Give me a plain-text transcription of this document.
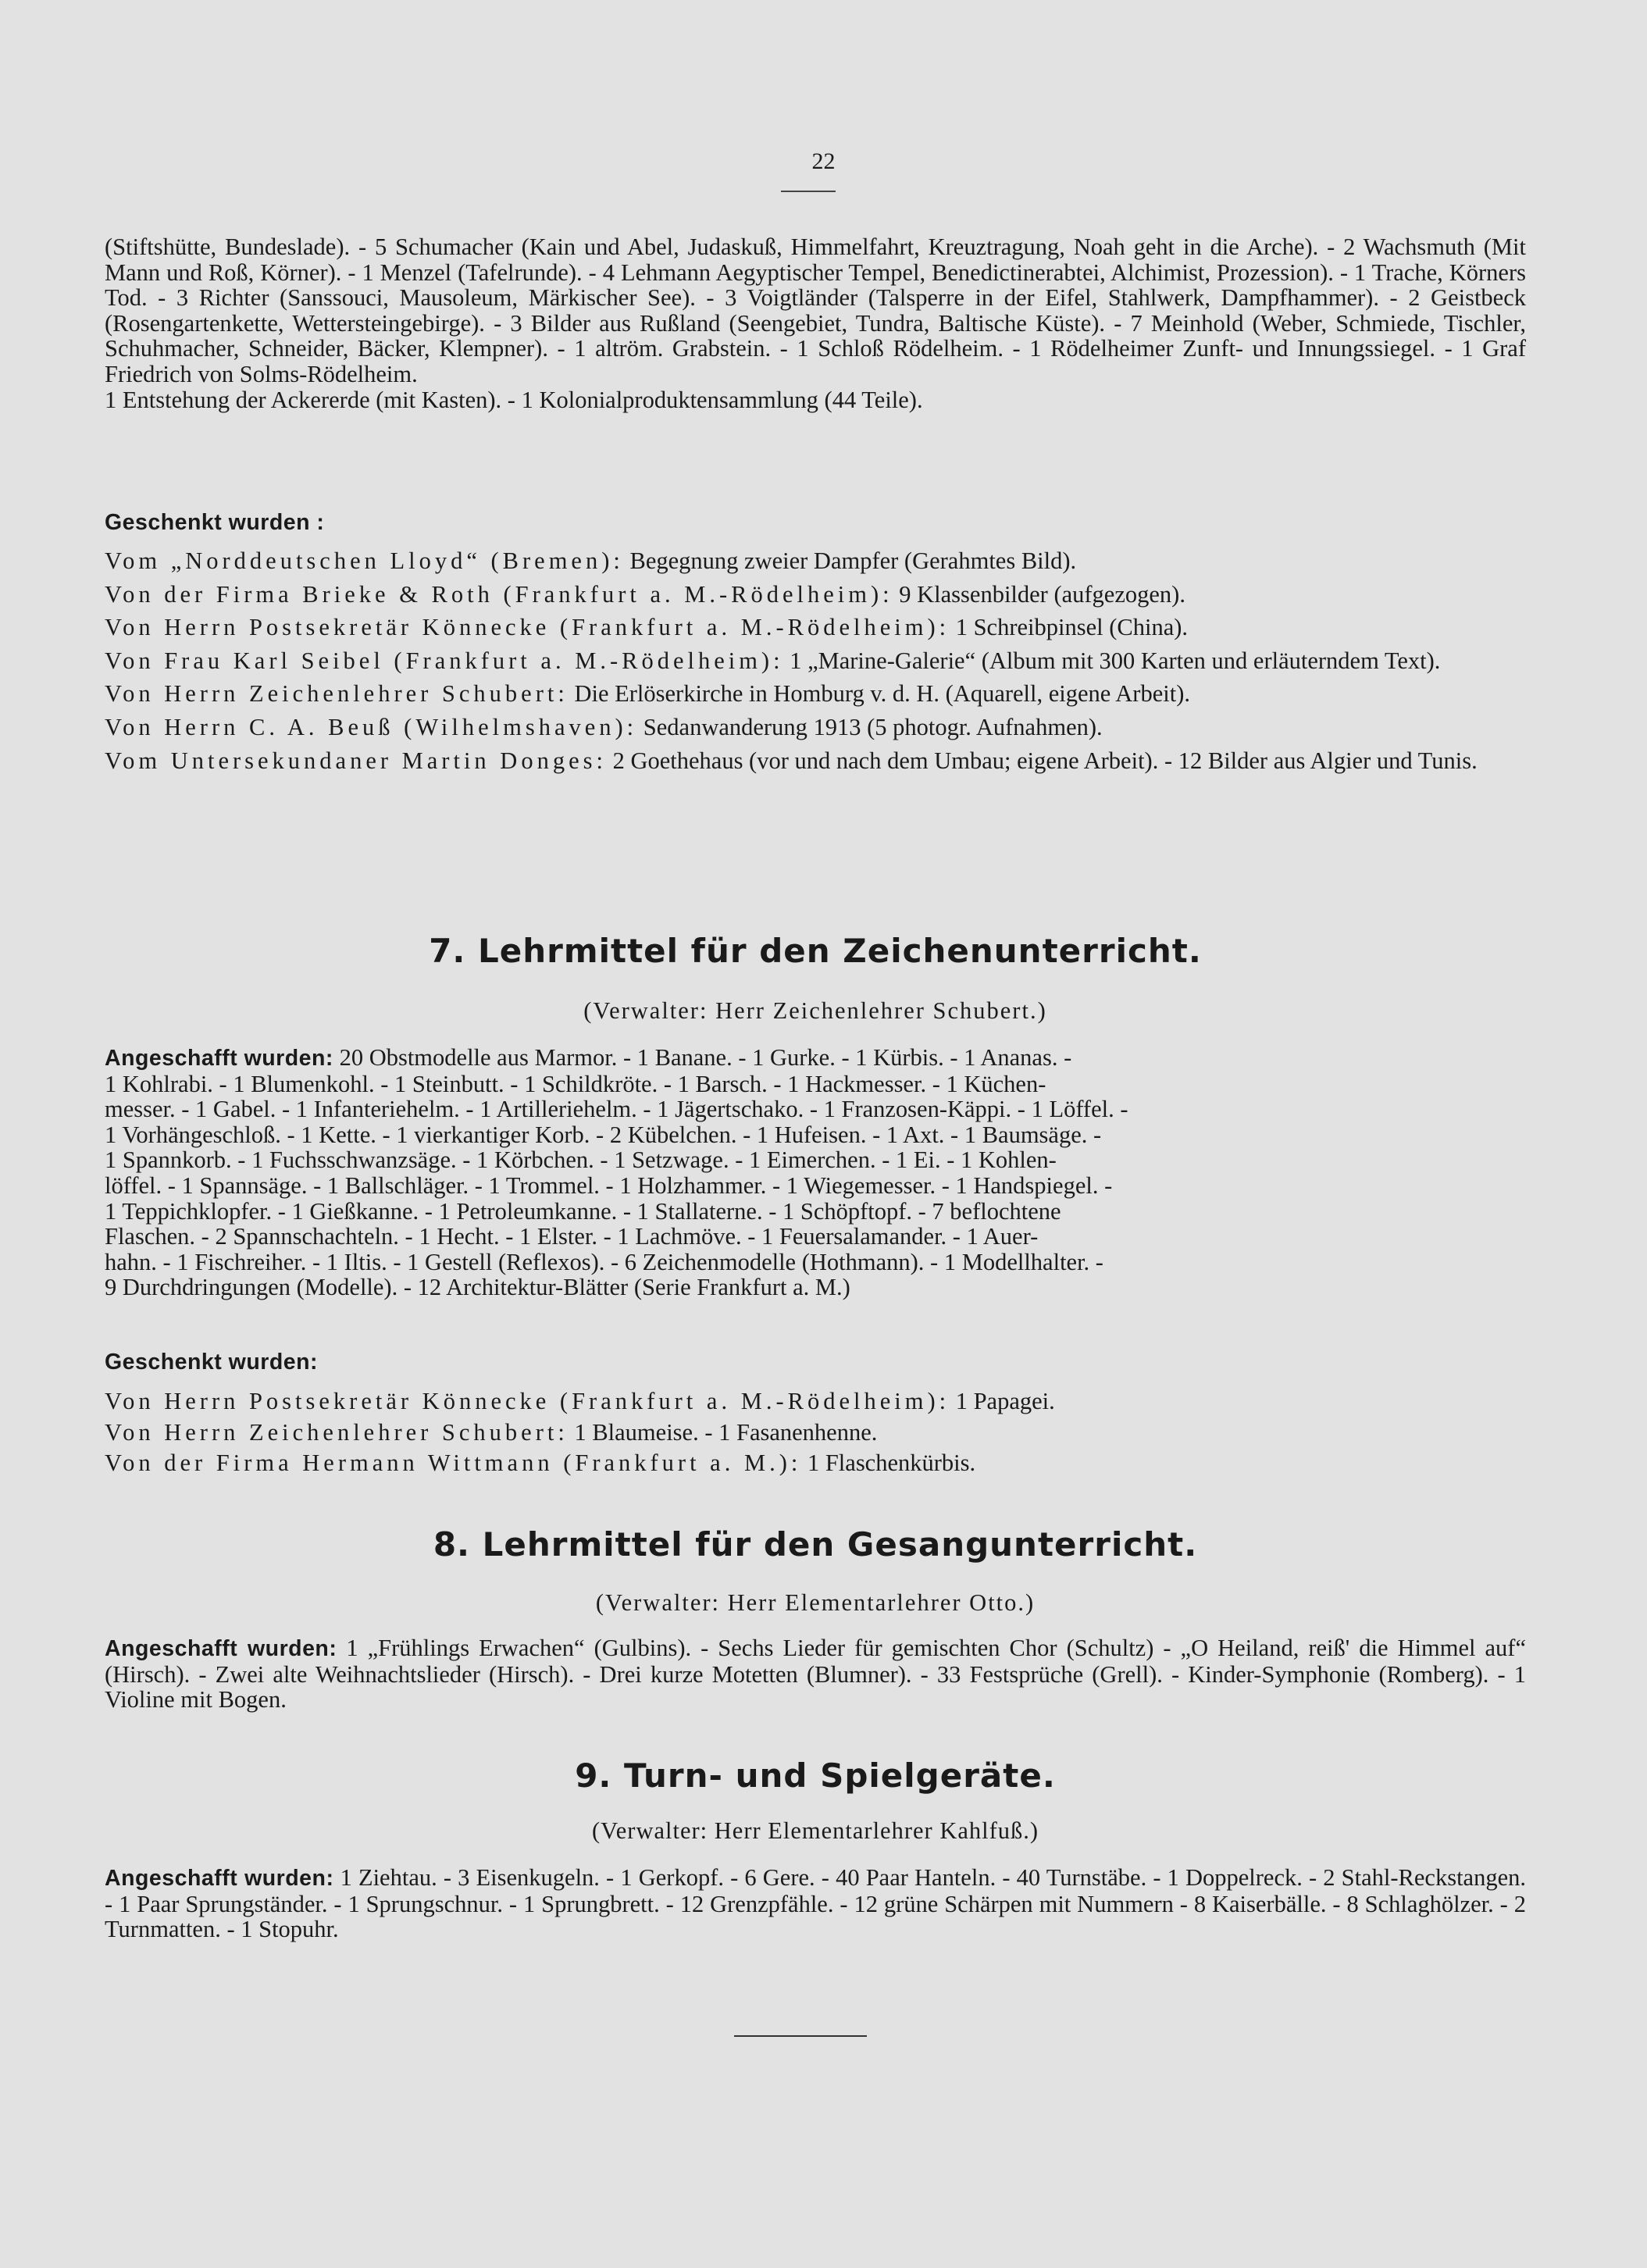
22

(Stiftshütte, Bundeslade). - 5 Schumacher (Kain und Abel, Judaskuß, Himmelfahrt, Kreuztragung, Noah geht in die Arche). - 2 Wachsmuth (Mit Mann und Roß, Körner). - 1 Menzel (Tafelrunde). - 4 Lehmann Aegyptischer Tempel, Benedictinerabtei, Alchimist, Prozession). - 1 Trache, Körners Tod. - 3 Richter (Sanssouci, Mausoleum, Märkischer See). - 3 Voigtländer (Talsperre in der Eifel, Stahlwerk, Dampfhammer). - 2 Geistbeck (Rosengartenkette, Wettersteingebirge). - 3 Bilder aus Rußland (Seengebiet, Tundra, Baltische Küste). - 7 Meinhold (Weber, Schmiede, Tischler, Schuhmacher, Schneider, Bäcker, Klempner). - 1 altröm. Grabstein. - 1 Schloß Rödelheim. - 1 Rödelheimer Zunft- und Innungssiegel. - 1 Graf Friedrich von Solms-Rödelheim.

1 Entstehung der Ackererde (mit Kasten). - 1 Kolonialproduktensammlung (44 Teile).

Geschenkt wurden :

Vom „Norddeutschen Lloyd“ (Bremen): Begegnung zweier Dampfer (Gerahmtes Bild).

Von der Firma Brieke & Roth (Frankfurt a. M.-Rödelheim): 9 Klassenbilder (aufgezogen).

Von Herrn Postsekretär Könnecke (Frankfurt a. M.-Rödelheim): 1 Schreibpinsel (China).

Von Frau Karl Seibel (Frankfurt a. M.-Rödelheim): 1 „Marine-Galerie“ (Album mit 300 Karten und erläuterndem Text).

Von Herrn Zeichenlehrer Schubert: Die Erlöserkirche in Homburg v. d. H. (Aquarell, eigene Arbeit).

Von Herrn C. A. Beuß (Wilhelmshaven): Sedanwanderung 1913 (5 photogr. Aufnahmen).

Vom Untersekundaner Martin Donges: 2 Goethehaus (vor und nach dem Umbau; eigene Arbeit). - 12 Bilder aus Algier und Tunis.

7. Lehrmittel für den Zeichenunterricht.
(Verwalter: Herr Zeichenlehrer Schubert.)

Angeschafft wurden: 20 Obstmodelle aus Marmor. - 1 Banane. - 1 Gurke. - 1 Kürbis. - 1 Ananas. -

1 Kohlrabi. - 1 Blumenkohl. - 1 Steinbutt. - 1 Schildkröte. - 1 Barsch. - 1 Hackmesser. - 1 Küchen-

messer. - 1 Gabel. - 1 Infanteriehelm. - 1 Artilleriehelm. - 1 Jägertschako. - 1 Franzosen-Käppi. - 1 Löffel. -

1 Vorhängeschloß. - 1 Kette. - 1 vierkantiger Korb. - 2 Kübelchen. - 1 Hufeisen. - 1 Axt. - 1 Baumsäge. -

1 Spannkorb. - 1 Fuchsschwanzsäge. - 1 Körbchen. - 1 Setzwage. - 1 Eimerchen. - 1 Ei. - 1 Kohlen-

löffel. - 1 Spannsäge. - 1 Ballschläger. - 1 Trommel. - 1 Holzhammer. - 1 Wiegemesser. - 1 Handspiegel. -

1 Teppichklopfer. - 1 Gießkanne. - 1 Petroleumkanne. - 1 Stallaterne. - 1 Schöpftopf. - 7 beflochtene

Flaschen. - 2 Spannschachteln. - 1 Hecht. - 1 Elster. - 1 Lachmöve. - 1 Feuersalamander. - 1 Auer-

hahn. - 1 Fischreiher. - 1 Iltis. - 1 Gestell (Reflexos). - 6 Zeichenmodelle (Hothmann). - 1 Modellhalter. -

9 Durchdringungen (Modelle). - 12 Architektur-Blätter (Serie Frankfurt a. M.)

Geschenkt wurden:

Von Herrn Postsekretär Könnecke (Frankfurt a. M.-Rödelheim): 1 Papagei.

Von Herrn Zeichenlehrer Schubert: 1 Blaumeise. - 1 Fasanenhenne.

Von der Firma Hermann Wittmann (Frankfurt a. M.): 1 Flaschenkürbis.

8. Lehrmittel für den Gesangunterricht.
(Verwalter: Herr Elementarlehrer Otto.)

Angeschafft wurden: 1 „Frühlings Erwachen“ (Gulbins). - Sechs Lieder für gemischten Chor (Schultz) - „O Heiland, reiß' die Himmel auf“ (Hirsch). - Zwei alte Weihnachtslieder (Hirsch). - Drei kurze Motetten (Blumner). - 33 Festsprüche (Grell). - Kinder-Symphonie (Romberg). - 1 Violine mit Bogen.

9. Turn- und Spielgeräte.
(Verwalter: Herr Elementarlehrer Kahlfuß.)

Angeschafft wurden: 1 Ziehtau. - 3 Eisenkugeln. - 1 Gerkopf. - 6 Gere. - 40 Paar Hanteln. - 40 Turnstäbe. - 1 Doppelreck. - 2 Stahl-Reckstangen. - 1 Paar Sprungständer. - 1 Sprungschnur. - 1 Sprungbrett. - 12 Grenzpfähle. - 12 grüne Schärpen mit Nummern - 8 Kaiserbälle. - 8 Schlaghölzer. - 2 Turnmatten. - 1 Stopuhr.
